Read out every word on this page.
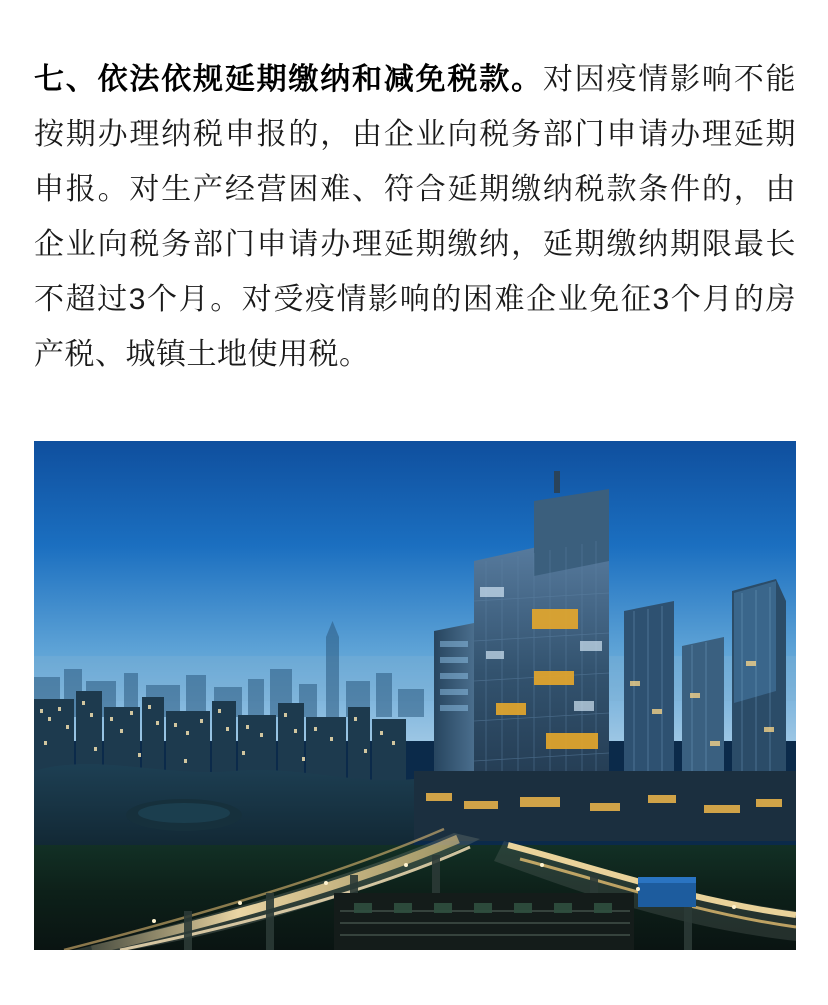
七、依法依规延期缴纳和减免税款。对因疫情影响不能按期办理纳税申报的，由企业向税务部门申请办理延期申报。对生产经营困难、符合延期缴纳税款条件的，由企业向税务部门申请办理延期缴纳，延期缴纳期限最长不超过3个月。对受疫情影响的困难企业免征3个月的房产税、城镇土地使用税。
